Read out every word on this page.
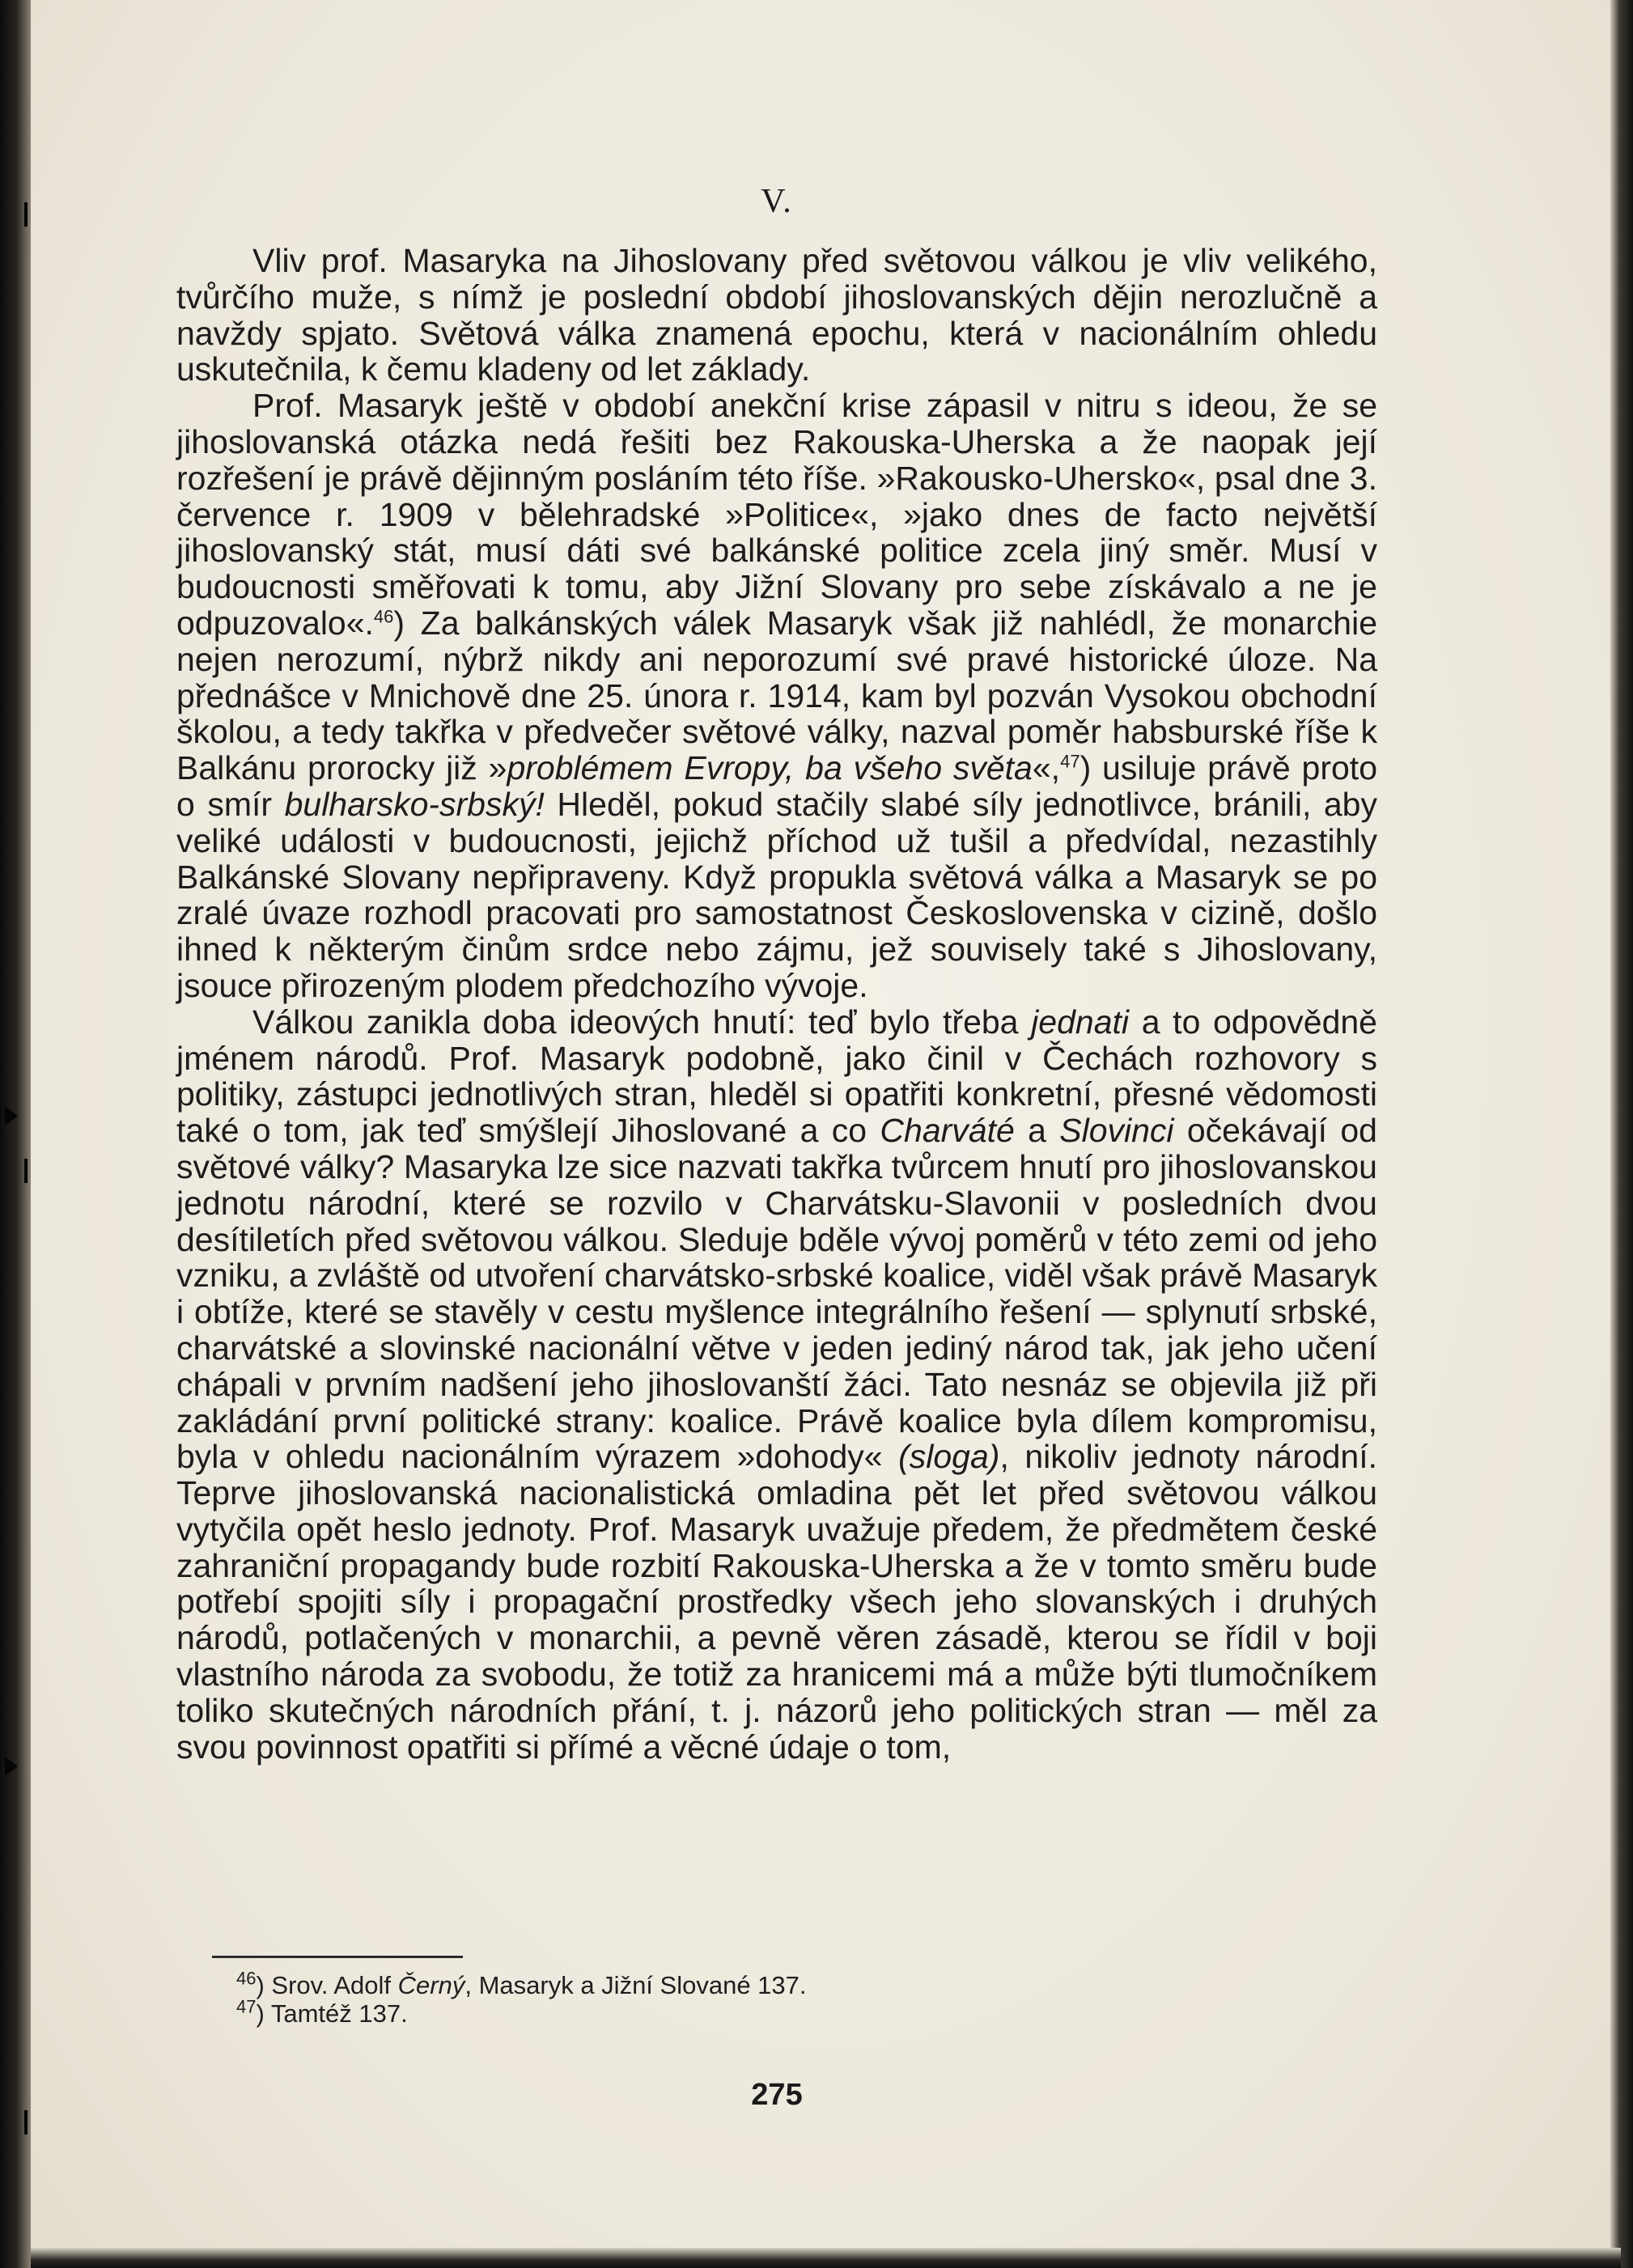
V.

Vliv prof. Masaryka na Jihoslovany před světovou válkou je vliv velikého, tvůrčího muže, s nímž je poslední období jihoslovanských dějin nerozlučně a navždy spjato. Světová válka znamená epochu, která v nacionálním ohledu uskutečnila, k čemu kladeny od let základy.

Prof. Masaryk ještě v období anekční krise zápasil v nitru s ideou, že se jihoslovanská otázka nedá řešiti bez Rakouska-Uherska a že naopak její rozřešení je právě dějinným posláním této říše. »Rakousko-Uhersko«, psal dne 3. července r. 1909 v bělehradské »Politice«, »jako dnes de facto největší jihoslovanský stát, musí dáti své balkánské politice zcela jiný směr. Musí v budoucnosti směřovati k tomu, aby Jižní Slovany pro sebe získávalo a ne je odpuzovalo«.$^{46}$) Za balkánských válek Masaryk však již nahlédl, že monarchie nejen nerozumí, nýbrž nikdy ani neporozumí své pravé historické úloze. Na přednášce v Mnichově dne 25. února r. 1914, kam byl pozván Vysokou obchodní školou, a tedy takřka v předvečer světové války, nazval poměr habsburské říše k Balkánu prorocky již »problémem Evropy, ba všeho světa«,$^{47}$) usiluje právě proto o smír bulharsko-srbský! Hleděl, pokud stačily slabé síly jednotlivce, bránili, aby veliké události v budoucnosti, jejichž příchod už tušil a předvídal, nezastihly Balkánské Slovany nepřipraveny. Když propukla světová válka a Masaryk se po zralé úvaze rozhodl pracovati pro samostatnost Československa v cizině, došlo ihned k některým činům srdce nebo zájmu, jež souvisely také s Jihoslovany, jsouce přirozeným plodem předchozího vývoje.

Válkou zanikla doba ideových hnutí: teď bylo třeba jednati a to odpovědně jménem národů. Prof. Masaryk podobně, jako činil v Čechách rozhovory s politiky, zástupci jednotlivých stran, hleděl si opatřiti konkretní, přesné vědomosti také o tom, jak teď smýšlejí Jihoslované a co Charváté a Slovinci očekávají od světové války? Masaryka lze sice nazvati takřka tvůrcem hnutí pro jihoslovanskou jednotu národní, které se rozvilo v Charvátsku-Slavonii v posledních dvou desítiletích před světovou válkou. Sleduje bděle vývoj poměrů v této zemi od jeho vzniku, a zvláště od utvoření charvátsko-srbské koalice, viděl však právě Masaryk i obtíže, které se stavěly v cestu myšlence integrálního řešení — splynutí srbské, charvátské a slovinské nacionální větve v jeden jediný národ tak, jak jeho učení chápali v prvním nadšení jeho jihoslovanští žáci. Tato nesnáz se objevila již při zakládání první politické strany: koalice. Právě koalice byla dílem kompromisu, byla v ohledu nacionálním výrazem »dohody« (sloga), nikoliv jednoty národní. Teprve jihoslovanská nacionalistická omladina pět let před světovou válkou vytyčila opět heslo jednoty. Prof. Masaryk uvažuje předem, že předmětem české zahraniční propagandy bude rozbití Rakouska-Uherska a že v tomto směru bude potřebí spojiti síly i propagační prostředky všech jeho slovanských i druhých národů, potlačených v monarchii, a pevně věren zásadě, kterou se řídil v boji vlastního národa za svobodu, že totiž za hranicemi má a může býti tlumočníkem toliko skutečných národních přání, t. j. názorů jeho politických stran — měl za svou povinnost opatřiti si přímé a věcné údaje o tom,

$^{46}$) Srov. Adolf Černý, Masaryk a Jižní Slované 137.

$^{47}$) Tamtéž 137.

275
